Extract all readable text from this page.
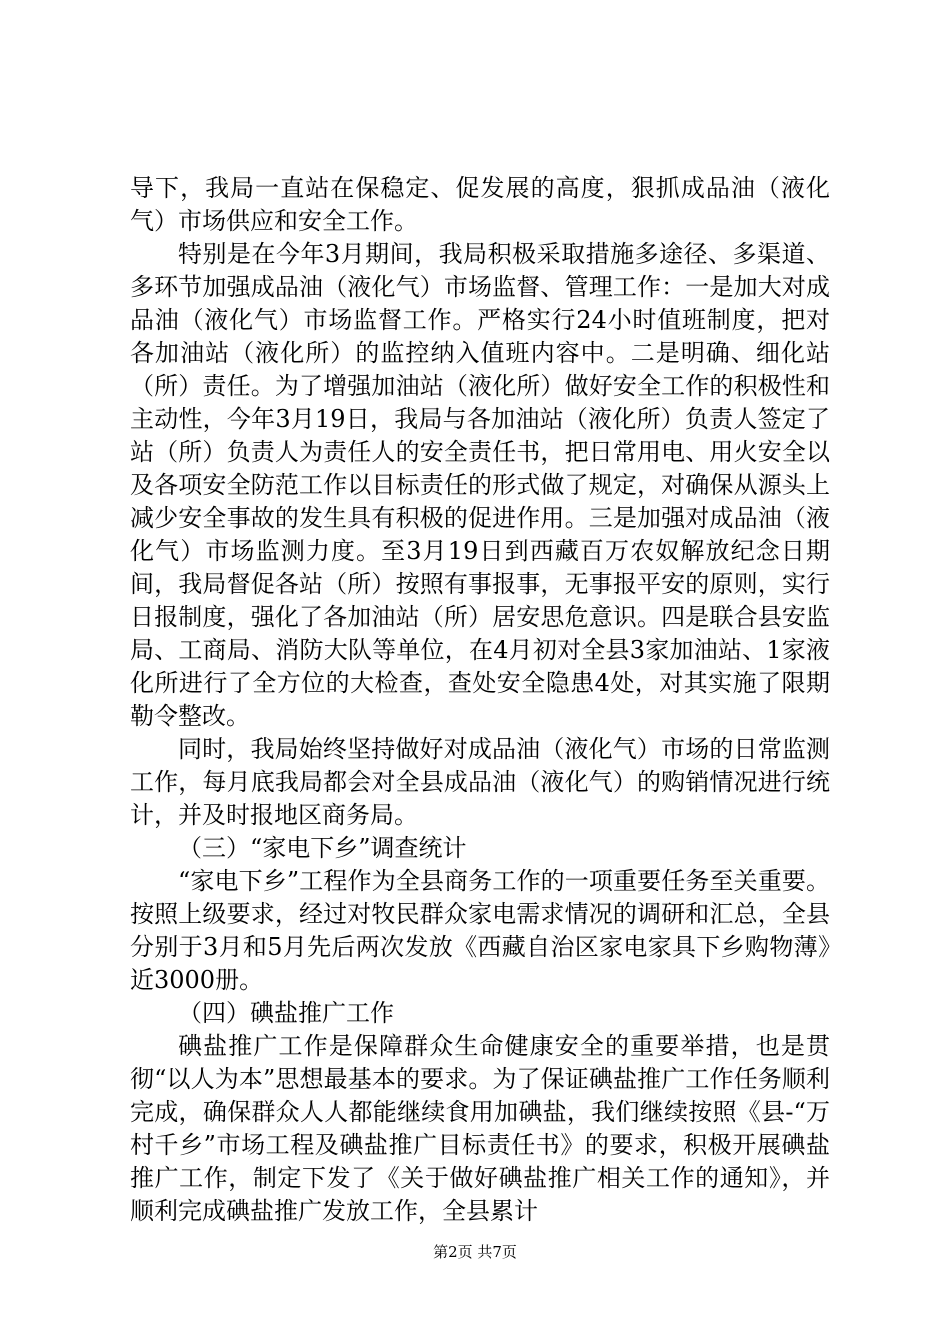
导下，我局一直站在保稳定、促发展的高度，狠抓成品油（液化气）市场供应和安全工作。

特别是在今年3月期间，我局积极采取措施多途径、多渠道、多环节加强成品油（液化气）市场监督、管理工作：一是加大对成品油（液化气）市场监督工作。严格实行24小时值班制度，把对各加油站（液化所）的监控纳入值班内容中。二是明确、细化站（所）责任。为了增强加油站（液化所）做好安全工作的积极性和主动性，今年3月19日，我局与各加油站（液化所）负责人签定了站（所）负责人为责任人的安全责任书，把日常用电、用火安全以及各项安全防范工作以目标责任的形式做了规定，对确保从源头上减少安全事故的发生具有积极的促进作用。三是加强对成品油（液化气）市场监测力度。至3月19日到西藏百万农奴解放纪念日期间，我局督促各站（所）按照有事报事，无事报平安的原则，实行日报制度，强化了各加油站（所）居安思危意识。四是联合县安监局、工商局、消防大队等单位，在4月初对全县3家加油站、1家液化所进行了全方位的大检查，查处安全隐患4处，对其实施了限期勒令整改。

同时，我局始终坚持做好对成品油（液化气）市场的日常监测工作，每月底我局都会对全县成品油（液化气）的购销情况进行统计，并及时报地区商务局。

（三）“家电下乡”调查统计

“家电下乡”工程作为全县商务工作的一项重要任务至关重要。按照上级要求，经过对牧民群众家电需求情况的调研和汇总，全县分别于3月和5月先后两次发放《西藏自治区家电家具下乡购物薄》近3000册。

（四）碘盐推广工作

碘盐推广工作是保障群众生命健康安全的重要举措，也是贯彻“以人为本”思想最基本的要求。为了保证碘盐推广工作任务顺利完成，确保群众人人都能继续食用加碘盐，我们继续按照《县-“万村千乡”市场工程及碘盐推广目标责任书》的要求，积极开展碘盐推广工作，制定下发了《关于做好碘盐推广相关工作的通知》，并顺利完成碘盐推广发放工作，全县累计

第2页 共7页
